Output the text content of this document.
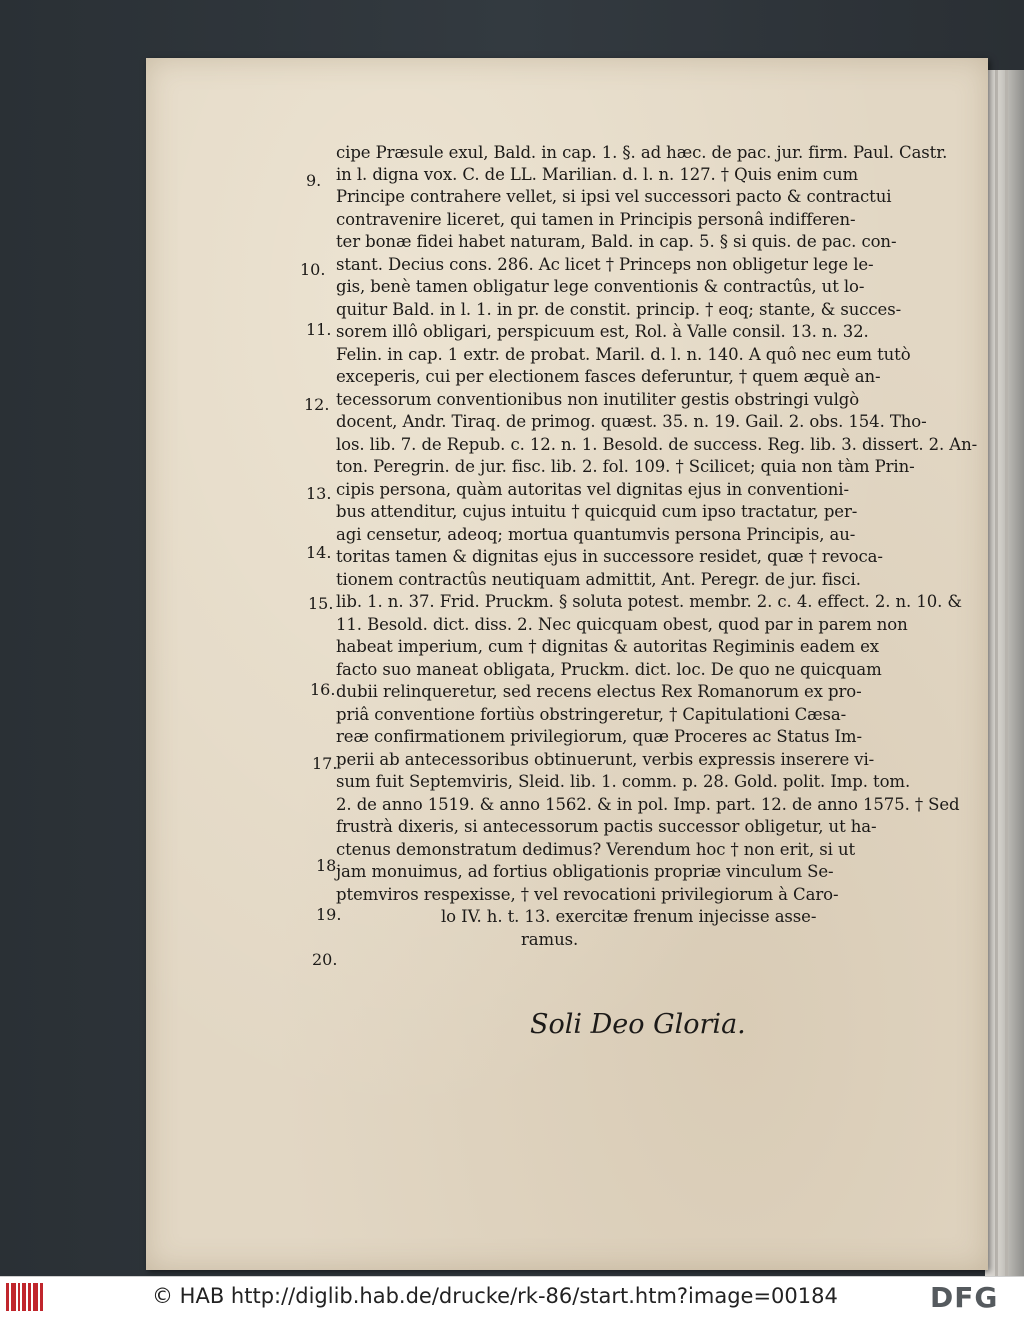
cipe Præsule exul, Bald. in cap. 1. §. ad hæc. de pac. jur. firm. Paul. Castr.
in l. digna vox. C. de LL. Marilian. d. l. n. 127. † Quis enim cum
Principe contrahere vellet, si ipsi vel successori pacto & contractui
contravenire liceret, qui tamen in Principis personâ indifferen-
ter bonæ fidei habet naturam, Bald. in cap. 5. § si quis. de pac. con-
stant. Decius cons. 286. Ac licet † Princeps non obligetur lege le-
gis, benè tamen obligatur lege conventionis & contractûs, ut lo-
quitur Bald. in l. 1. in pr. de constit. princip. † eoq; stante, & succes-
sorem illô obligari, perspicuum est, Rol. à Valle consil. 13. n. 32.
Felin. in cap. 1 extr. de probat. Maril. d. l. n. 140. A quô nec eum tutò
exceperis, cui per electionem fasces deferuntur, † quem æquè an-
tecessorum conventionibus non inutiliter gestis obstringi vulgò
docent, Andr. Tiraq. de primog. quæst. 35. n. 19. Gail. 2. obs. 154. Tho-
los. lib. 7. de Repub. c. 12. n. 1. Besold. de success. Reg. lib. 3. dissert. 2. An-
ton. Peregrin. de jur. fisc. lib. 2. fol. 109. † Scilicet; quia non tàm Prin-
cipis persona, quàm autoritas vel dignitas ejus in conventioni-
bus attenditur, cujus intuitu † quicquid cum ipso tractatur, per-
agi censetur, adeoq; mortua quantumvis persona Principis, au-
toritas tamen & dignitas ejus in successore residet, quæ † revoca-
tionem contractûs neutiquam admittit, Ant. Peregr. de jur. fisci.
lib. 1. n. 37. Frid. Pruckm. § soluta potest. membr. 2. c. 4. effect. 2. n. 10. &
11. Besold. dict. diss. 2. Nec quicquam obest, quod par in parem non
habeat imperium, cum † dignitas & autoritas Regiminis eadem ex
facto suo maneat obligata, Pruckm. dict. loc. De quo ne quicquam
dubii relinqueretur, sed recens electus Rex Romanorum ex pro-
priâ conventione fortiùs obstringeretur, † Capitulationi Cæsa-
reæ confirmationem privilegiorum, quæ Proceres ac Status Im-
perii ab antecessoribus obtinuerunt, verbis expressis inserere vi-
sum fuit Septemviris, Sleid. lib. 1. comm. p. 28. Gold. polit. Imp. tom.
2. de anno 1519. & anno 1562. & in pol. Imp. part. 12. de anno 1575. † Sed
frustrà dixeris, si antecessorum pactis successor obligetur, ut ha-
ctenus demonstratum dedimus? Verendum hoc † non erit, si ut
jam monuimus, ad fortius obligationis propriæ vinculum Se-
ptemviros respexisse, † vel revocationi privilegiorum à Caro-
lo IV. h. t. 13. exercitæ frenum injecisse asse-
ramus.
9.
10.
11.
12.
13.
14.
15.
16.
17.
18.
19.
20.
Soli Deo Gloria.
© HAB http://diglib.hab.de/drucke/rk-86/start.htm?image=00184	DFG
